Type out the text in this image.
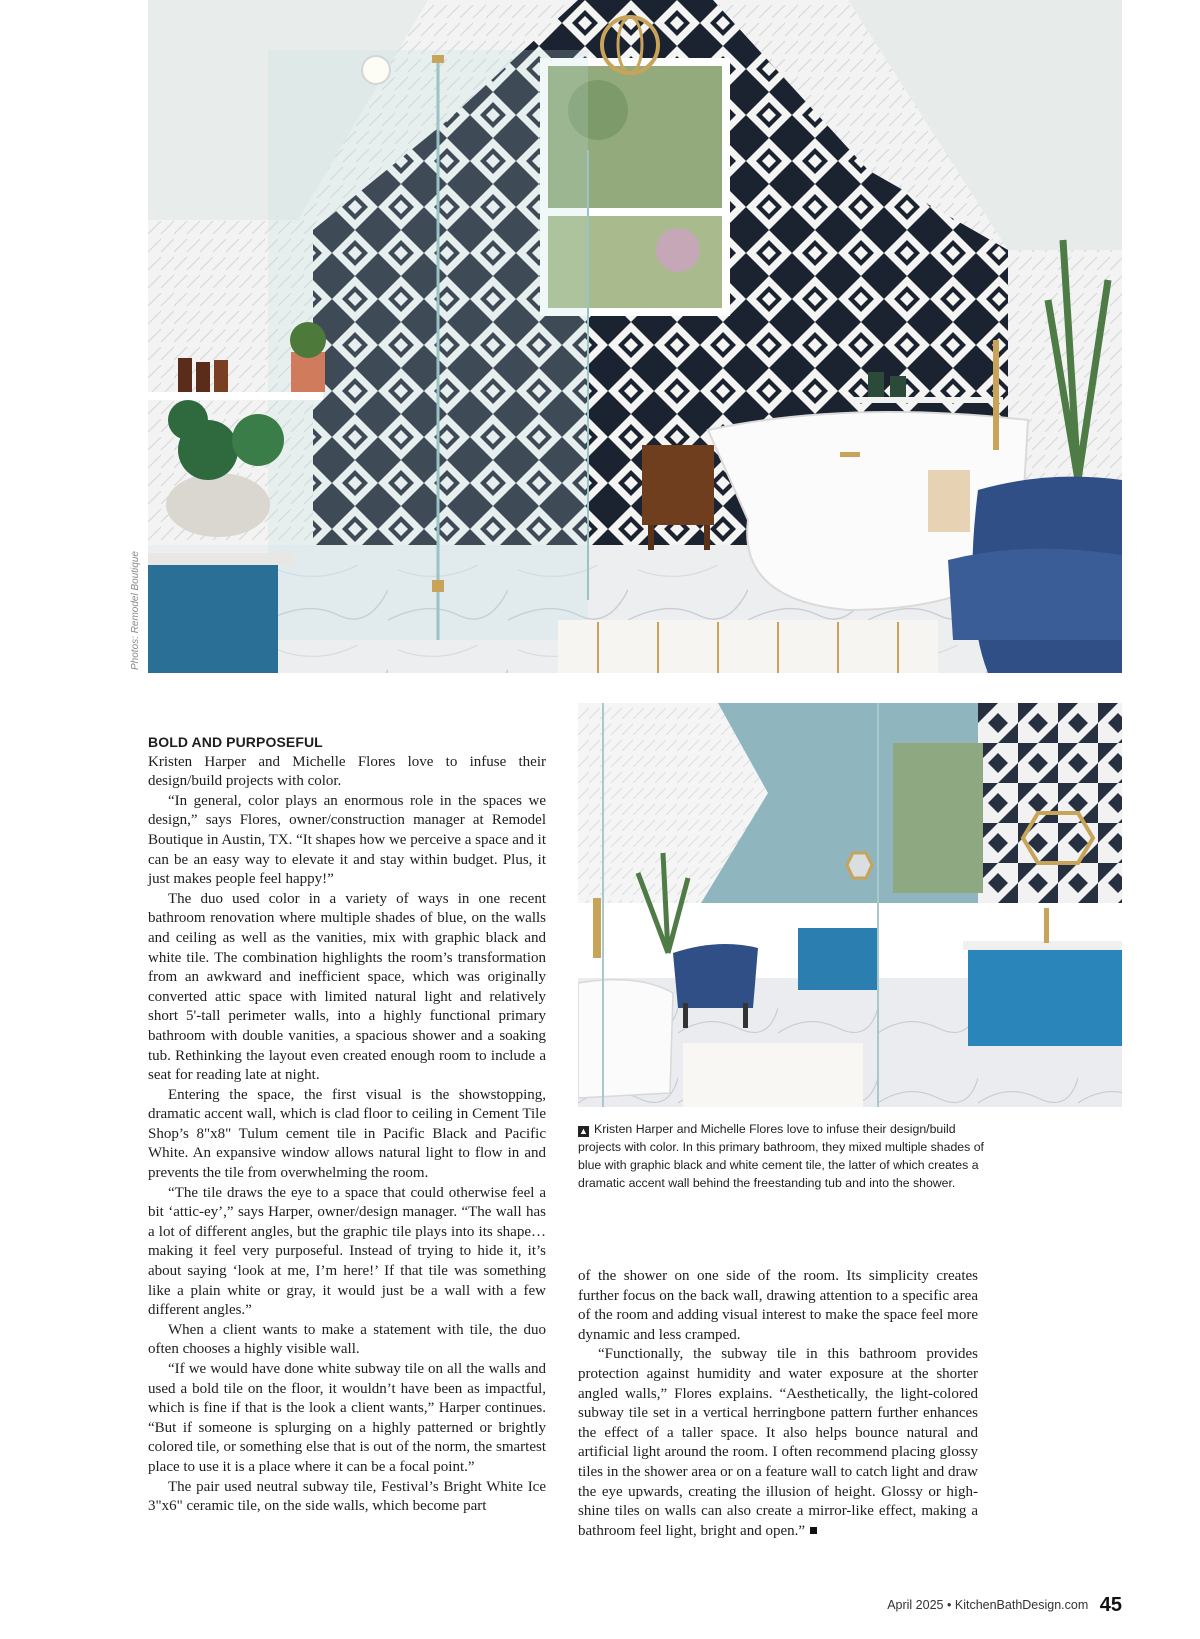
Photos: Remodel Boutique
▲ Kristen Harper and Michelle Flores love to infuse their design/build projects with color. In this primary bathroom, they mixed multiple shades of blue with graphic black and white cement tile, the latter of which creates a dramatic accent wall behind the freestanding tub and into the shower.
BOLD AND PURPOSEFUL

Kristen Harper and Michelle Flores love to infuse their design/build projects with color.

“In general, color plays an enormous role in the spaces we design,” says Flores, owner/construction manager at Remodel Boutique in Austin, TX. “It shapes how we perceive a space and it can be an easy way to elevate it and stay within budget. Plus, it just makes people feel happy!”

The duo used color in a variety of ways in one recent bathroom renovation where multiple shades of blue, on the walls and ceiling as well as the vanities, mix with graphic black and white tile. The combination highlights the room’s transformation from an awkward and inefficient space, which was originally converted attic space with limited natural light and relatively short 5'-tall perimeter walls, into a highly functional primary bathroom with double vanities, a spacious shower and a soaking tub. Rethinking the layout even created enough room to include a seat for reading late at night.

Entering the space, the first visual is the showstopping, dramatic accent wall, which is clad floor to ceiling in Cement Tile Shop’s 8"x8" Tulum cement tile in Pacific Black and Pacific White. An expansive window allows natural light to flow in and prevents the tile from overwhelming the room.

“The tile draws the eye to a space that could otherwise feel a bit ‘attic-ey’,” says Harper, owner/design manager. “The wall has a lot of different angles, but the graphic tile plays into its shape…making it feel very purposeful. Instead of trying to hide it, it’s about saying ‘look at me, I’m here!’ If that tile was something like a plain white or gray, it would just be a wall with a few different angles.”

When a client wants to make a statement with tile, the duo often chooses a highly visible wall.

“If we would have done white subway tile on all the walls and used a bold tile on the floor, it wouldn’t have been as impactful, which is fine if that is the look a client wants,” Harper continues. “But if someone is splurging on a highly patterned or brightly colored tile, or something else that is out of the norm, the smartest place to use it is a place where it can be a focal point.”

The pair used neutral subway tile, Festival’s Bright White Ice 3"x6" ceramic tile, on the side walls, which become part

of the shower on one side of the room. Its simplicity creates further focus on the back wall, drawing attention to a specific area of the room and adding visual interest to make the space feel more dynamic and less cramped.

“Functionally, the subway tile in this bathroom provides protection against humidity and water exposure at the shorter angled walls,” Flores explains. “Aesthetically, the light-colored subway tile set in a vertical herringbone pattern further enhances the effect of a taller space. It also helps bounce natural and artificial light around the room. I often recommend placing glossy tiles in the shower area or on a feature wall to catch light and draw the eye upwards, creating the illusion of height. Glossy or high-shine tiles on walls can also create a mirror-like effect, making a bathroom feel light, bright and open.”

April 2025 • KitchenBathDesign.com 45
